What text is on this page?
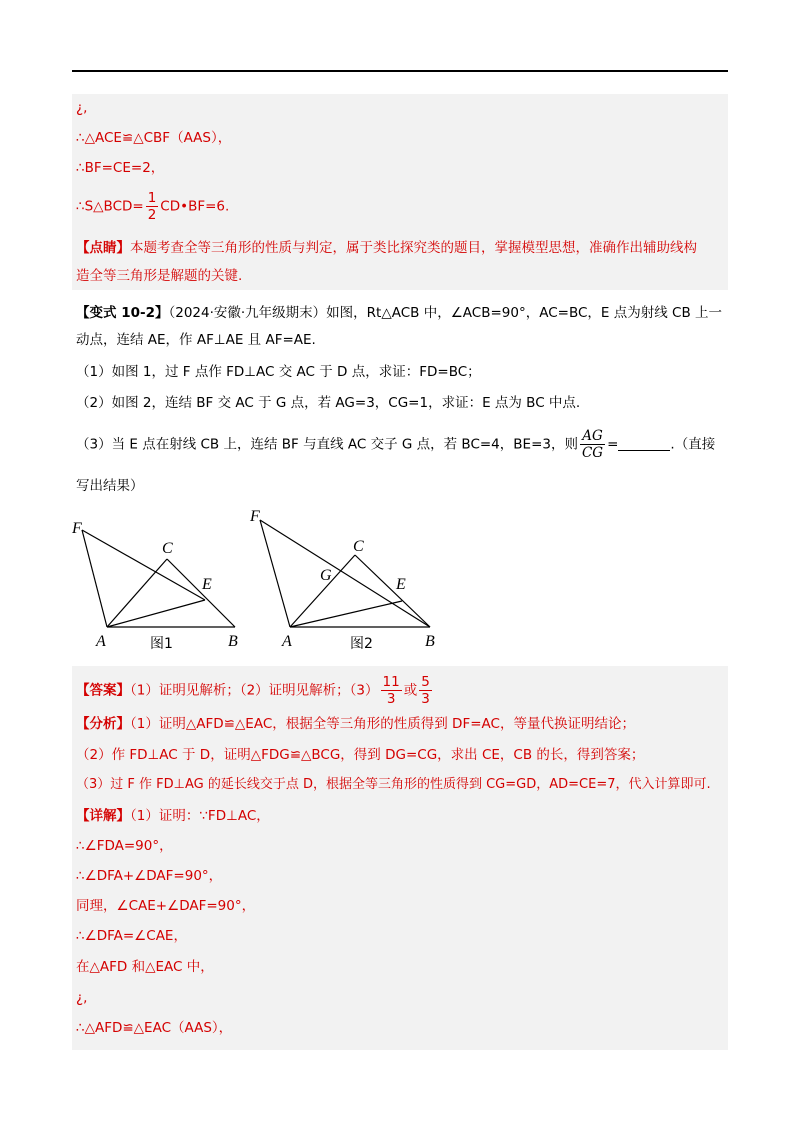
¿,
∴△ACE≌△CBF（AAS），
∴BF=CE=2，
∴S△BCD= $\frac{1}{2}$ CD•BF=6.
【点睛】本题考查全等三角形的性质与判定，属于类比探究类的题目，掌握模型思想，准确作出辅助线构
造全等三角形是解题的关键.
【变式 10-2】（2024·安徽·九年级期末）如图，Rt△ACB 中，∠ACB=90°，AC=BC，E 点为射线 CB 上一
动点，连结 AE，作 AF⊥AE 且 AF=AE.
（1）如图 1，过 F 点作 FD⊥AC 交 AC 于 D 点，求证：FD=BC；
（2）如图 2，连结 BF 交 AC 于 G 点，若 AG=3，CG=1，求证：E 点为 BC 中点.
（3）当 E 点在射线 CB 上，连结 BF 与直线 AC 交子 G 点，若 BC=4，BE=3，则 $\frac{AG}{CG}$ =	.（直接
写出结果）
F
C
E
A	B
图1
F
C
G
E
A	B
图2
【答案】（1）证明见解析；（2）证明见解析；$(3) \frac{11}{3}$ 或 $\frac{5}{3}$
【分析】（1）证明△AFD≌△EAC，根据全等三角形的性质得到 DF=AC，等量代换证明结论；
（2）作 FD⊥AC 于 D，证明△FDG≌△BCG，得到 DG=CG，求出 CE，CB 的长，得到答案；
（3）过 F 作 FD⊥AG 的延长线交于点 D，根据全等三角形的性质得到 CG=GD，AD=CE=7，代入计算即可.
【详解】（1）证明：∵FD⊥AC，
∴∠FDA=90°，
∴∠DFA+∠DAF=90°，
同理，∠CAE+∠DAF=90°，
∴∠DFA=∠CAE，
在△AFD 和△EAC 中，
¿,
∴△AFD≌△EAC（AAS），
